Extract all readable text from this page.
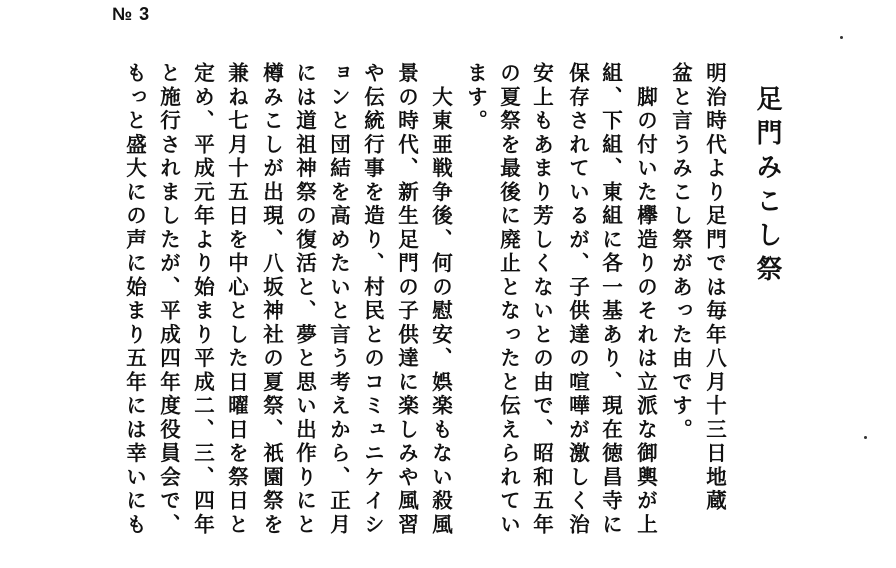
№ 3
足門みこし祭
明治時代より足門では毎年八月十三日地蔵
盆と言うみこし祭があった由です。
　脚の付いた欅造りのそれは立派な御輿が上
組、下組、東組に各一基あり、現在徳昌寺に
保存されているが、子供達の喧嘩が激しく治
安上もあまり芳しくないとの由で、昭和五年
の夏祭を最後に廃止となったと伝えられてい
ます。
　大東亜戦争後、何の慰安、娯楽もない殺風
景の時代、新生足門の子供達に楽しみや風習
や伝統行事を造り、村民とのコミュニケイシ
ョンと団結を高めたいと言う考えから、正月
には道祖神祭の復活と、夢と思い出作りにと
樽みこしが出現、八坂神社の夏祭、祇園祭を
兼ね七月十五日を中心とした日曜日を祭日と
定め、平成元年より始まり平成二、三、四年
と施行されましたが、平成四年度役員会で、
もっと盛大にの声に始まり五年には幸いにも
